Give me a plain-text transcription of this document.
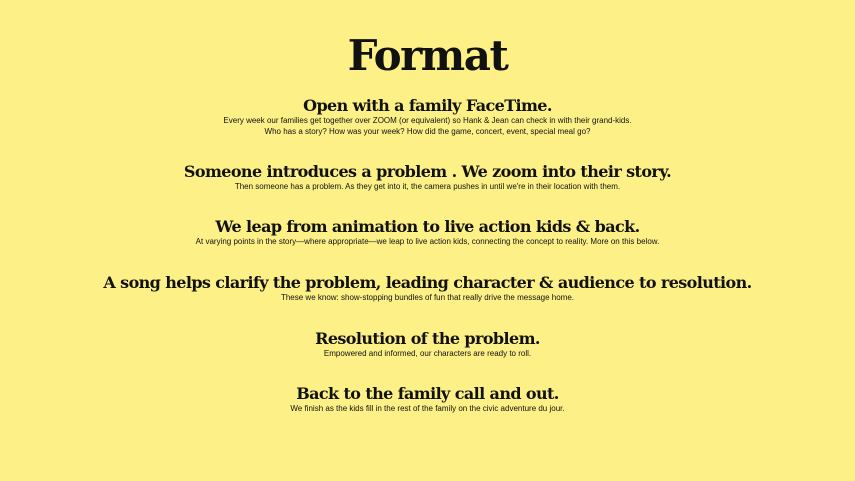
Format
Open with a family FaceTime.

Every week our families get together over ZOOM (or equivalent) so Hank & Jean can check in with their grand-kids.

Who has a story? How was your week? How did the game, concert, event, special meal go?

Someone introduces a problem . We zoom into their story.

Then someone has a problem. As they get into it, the camera pushes in until we're in their location with them.

We leap from animation to live action kids & back.

At varying points in the story—where appropriate—we leap to live action kids, connecting the concept to reality. More on this below.

A song helps clarify the problem, leading character & audience to resolution.

These we know: show-stopping bundles of fun that really drive the message home.

Resolution of the problem.

Empowered and informed, our characters are ready to roll.

Back to the family call and out.

We finish as the kids fill in the rest of the family on the civic adventure du jour.
